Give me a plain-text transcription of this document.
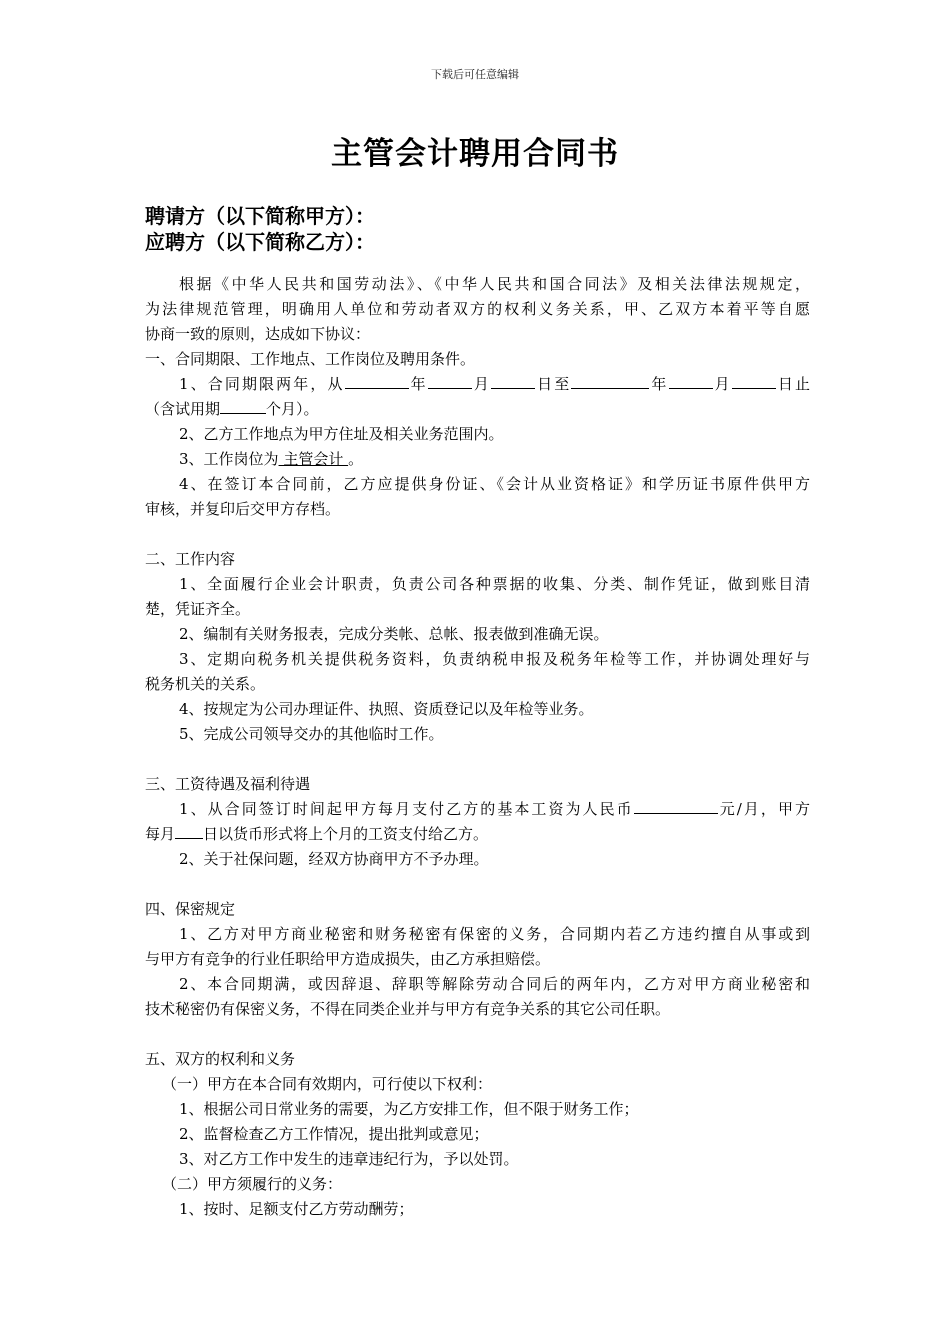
下载后可任意编辑
主管会计聘用合同书
聘请方（以下简称甲方）：
应聘方（以下简称乙方）：

根据《中华人民共和国劳动法》、《中华人民共和国合同法》及相关法律法规规定，

为法律规范管理，明确用人单位和劳动者双方的权利义务关系，甲、乙双方本着平等自愿

协商一致的原则，达成如下协议：

一、合同期限、工作地点、工作岗位及聘用条件。

1、合同期限两年，从	年	月	日至	年	月	日止

（含试用期	个月）。

2、乙方工作地点为甲方住址及相关业务范围内。

3、工作岗位为 主管会计 。

4、在签订本合同前，乙方应提供身份证、《会计从业资格证》和学历证书原件供甲方

审核，并复印后交甲方存档。

二、工作内容

1、全面履行企业会计职责，负责公司各种票据的收集、分类、制作凭证，做到账目清

楚，凭证齐全。

2、编制有关财务报表，完成分类帐、总帐、报表做到准确无误。

3、定期向税务机关提供税务资料，负责纳税申报及税务年检等工作，并协调处理好与

税务机关的关系。

4、按规定为公司办理证件、执照、资质登记以及年检等业务。

5、完成公司领导交办的其他临时工作。

三、工资待遇及福利待遇

1、从合同签订时间起甲方每月支付乙方的基本工资为人民币	元/月，甲方

每月 日以货币形式将上个月的工资支付给乙方。

2、关于社保问题，经双方协商甲方不予办理。

四、保密规定

1、乙方对甲方商业秘密和财务秘密有保密的义务，合同期内若乙方违约擅自从事或到

与甲方有竞争的行业任职给甲方造成损失，由乙方承担赔偿。

2、本合同期满，或因辞退、辞职等解除劳动合同后的两年内，乙方对甲方商业秘密和

技术秘密仍有保密义务，不得在同类企业并与甲方有竞争关系的其它公司任职。

五、双方的权利和义务

（一）甲方在本合同有效期内，可行使以下权利：

1、根据公司日常业务的需要，为乙方安排工作，但不限于财务工作；

2、监督检查乙方工作情况，提出批判或意见；

3、对乙方工作中发生的违章违纪行为，予以处罚。

（二）甲方须履行的义务：

1、按时、足额支付乙方劳动酬劳；
